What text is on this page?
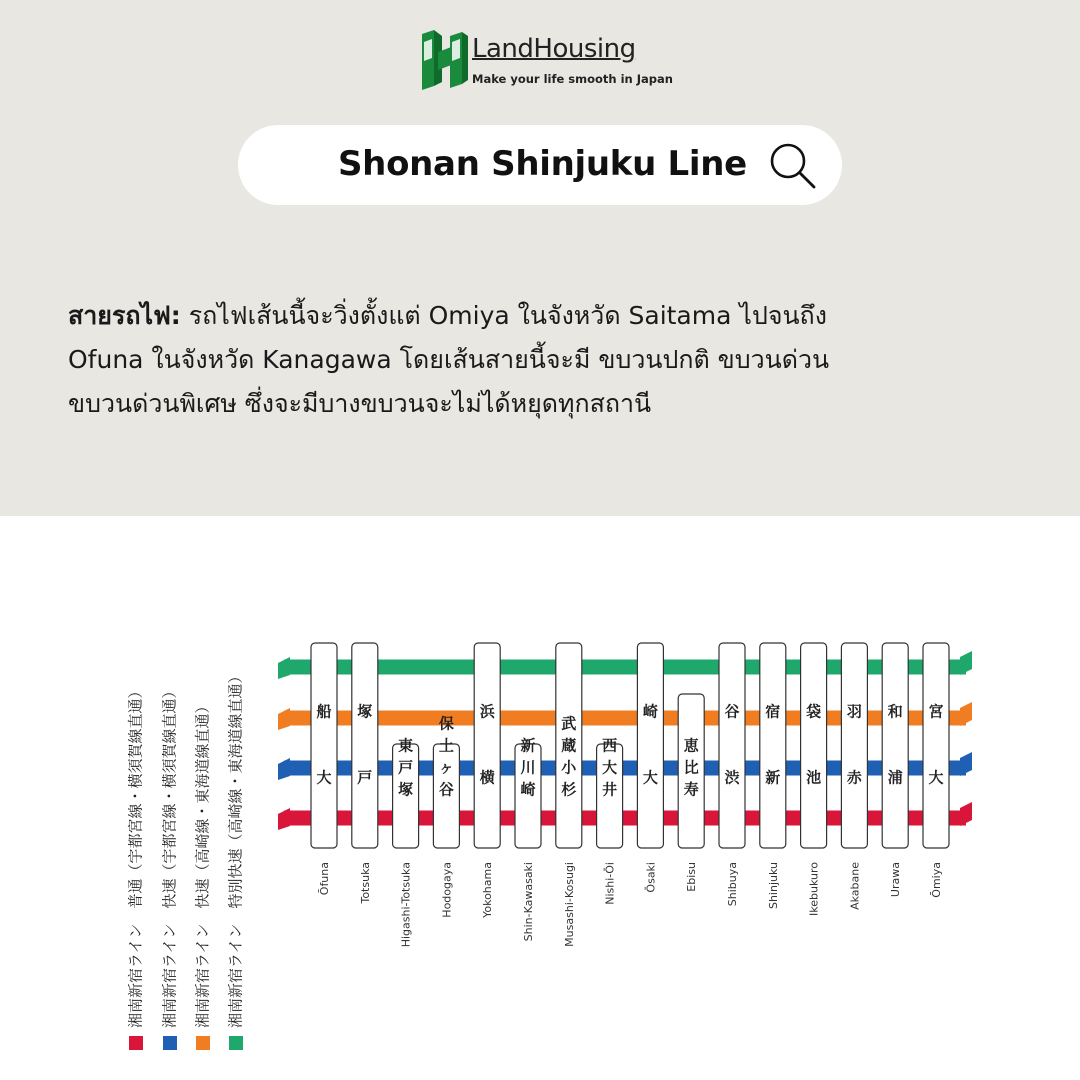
LandHousing
Make your life smooth in Japan
Shonan Shinjuku Line

สายรถไฟ: รถไฟเส้นนี้จะวิ่งตั้งแต่ Omiya ในจังหวัด Saitama ไปจนถึง

Ofuna ในจังหวัด Kanagawa โดยเส้นสายนี้จะมี ขบวนปกติ ขบวนด่วน

ขบวนด่วนพิเศษ ซึ่งจะมีบางขบวนจะไม่ได้หยุดทุกสถานี

湘南新宿ライン　普通（宇都宮線・横須賀線直通） 湘南新宿ライン　快速（宇都宮線・横須賀線直通） 湘南新宿ライン　快速（高崎線・東海道線直通） 湘南新宿ライン　特別快速（高崎線・東海道線直通）	大
船
Ōfuna
戸
塚
Totsuka
東
戸
塚
Higashi-Totsuka
保
土
ヶ
谷
Hodogaya
横
浜
Yokohama
新
川
崎
Shin-Kawasaki
武
蔵
小
杉
Musashi-Kosugi
西
大
井
Nishi-Ōi
大
崎
Ōsaki
恵
比
寿
Ebisu
渋
谷
Shibuya
新
宿
Shinjuku
池
袋
Ikebukuro
赤
羽
Akabane
浦
和
Urawa
大
宮
Ōmiya
